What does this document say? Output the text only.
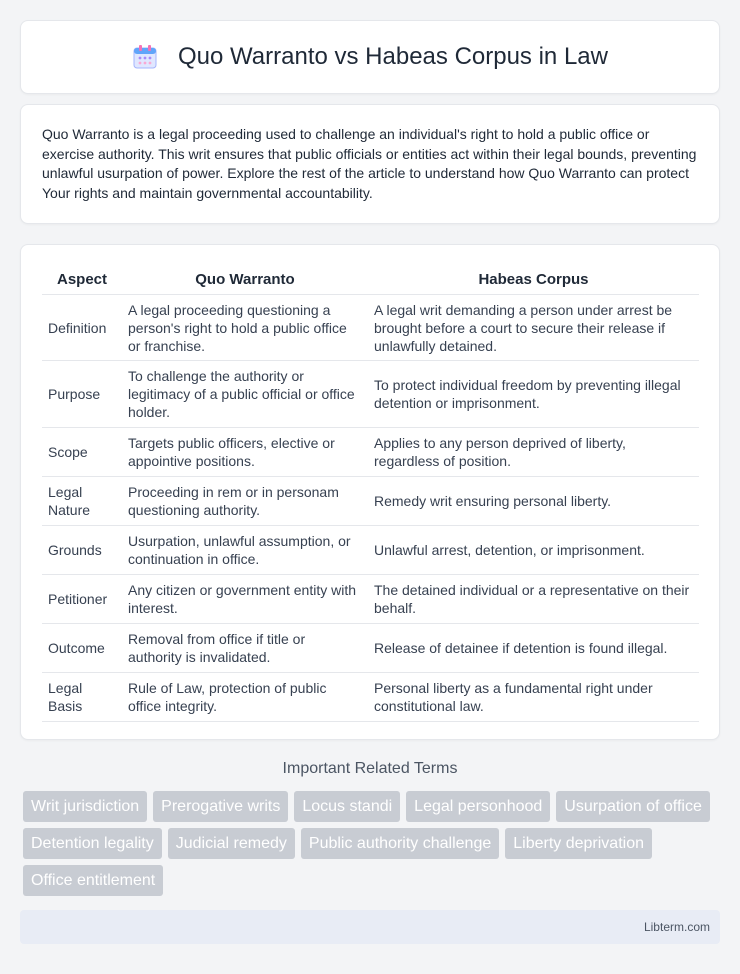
Quo Warranto vs Habeas Corpus in Law

Quo Warranto is a legal proceeding used to challenge an individual's right to hold a public office or exercise authority. This writ ensures that public officials or entities act within their legal bounds, preventing unlawful usurpation of power. Explore the rest of the article to understand how Quo Warranto can protect Your rights and maintain governmental accountability.

Aspect	Quo Warranto	Habeas Corpus
Definition	A legal proceeding questioning a person's right to hold a public office or franchise.	A legal writ demanding a person under arrest be brought before a court to secure their release if unlawfully detained.
Purpose	To challenge the authority or legitimacy of a public official or office holder.	To protect individual freedom by preventing illegal detention or imprisonment.
Scope	Targets public officers, elective or appointive positions.	Applies to any person deprived of liberty, regardless of position.
Legal Nature	Proceeding in rem or in personam questioning authority.	Remedy writ ensuring personal liberty.
Grounds	Usurpation, unlawful assumption, or continuation in office.	Unlawful arrest, detention, or imprisonment.
Petitioner	Any citizen or government entity with interest.	The detained individual or a representative on their behalf.
Outcome	Removal from office if title or authority is invalidated.	Release of detainee if detention is found illegal.
Legal Basis	Rule of Law, protection of public office integrity.	Personal liberty as a fundamental right under constitutional law.
Important Related Terms
Writ jurisdiction	Prerogative writs	Locus standi	Legal personhood	Usurpation of office
Detention legality	Judicial remedy	Public authority challenge	Liberty deprivation
Office entitlement
Libterm.com
